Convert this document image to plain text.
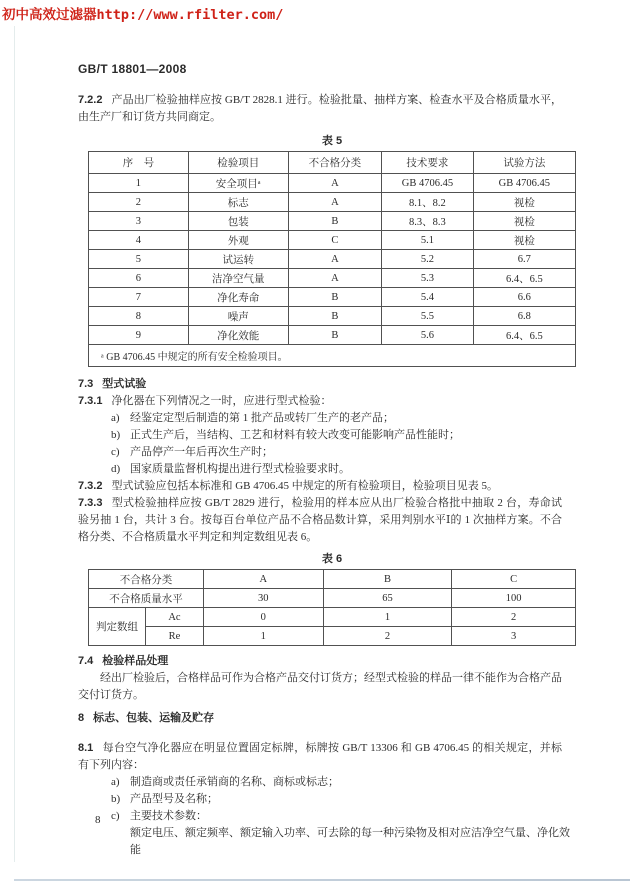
初中高效过滤器http://www.rfilter.com/
GB/T 18801—2008

7.2.2 产品出厂检验抽样应按 GB/T 2828.1 进行。检验批量、抽样方案、检查水平及合格质量水平，由生产厂和订货方共同商定。

表 5
序　号	检验项目	不合格分类	技术要求	试验方法
1	安全项目ᵃ	A	GB 4706.45	GB 4706.45
2	标志	A	8.1、8.2	视检
3	包装	B	8.3、8.3	视检
4	外观	C	5.1	视检
5	试运转	A	5.2	6.7
6	洁净空气量	A	5.3	6.4、6.5
7	净化寿命	B	5.4	6.6
8	噪声	B	5.5	6.8
9	净化效能	B	5.6	6.4、6.5
ᵃ GB 4706.45 中规定的所有安全检验项目。				

7.3 型式试验

7.3.1 净化器在下列情况之一时，应进行型式检验：

a) 经鉴定定型后制造的第 1 批产品或转厂生产的老产品；
b) 正式生产后，当结构、工艺和材料有较大改变可能影响产品性能时；
c) 产品停产一年后再次生产时；
d) 国家质量监督机构提出进行型式检验要求时。

7.3.2 型式试验应包括本标准和 GB 4706.45 中规定的所有检验项目，检验项目见表 5。

7.3.3 型式检验抽样应按 GB/T 2829 进行，检验用的样本应从出厂检验合格批中抽取 2 台，寿命试验另抽 1 台，共计 3 台。按每百台单位产品不合格品数计算，采用判别水平Ⅰ的 1 次抽样方案。不合格分类、不合格质量水平判定和判定数组见表 6。

表 6
不合格分类		A	B	C
不合格质量水平		30	65	100
判定数组	Ac	0	1	2
	Re	1	2	3

7.4 检验样品处理

经出厂检验后，合格样品可作为合格产品交付订货方；经型式检验的样品一律不能作为合格产品交付订货方。

8 标志、包装、运输及贮存

8.1 每台空气净化器应在明显位置固定标牌，标牌按 GB/T 13306 和 GB 4706.45 的相关规定，并标有下列内容：

a) 制造商或责任承销商的名称、商标或标志；
b) 产品型号及名称；
c) 主要技术参数：

额定电压、额定频率、额定输入功率、可去除的每一种污染物及相对应洁净空气量、净化效能

8
